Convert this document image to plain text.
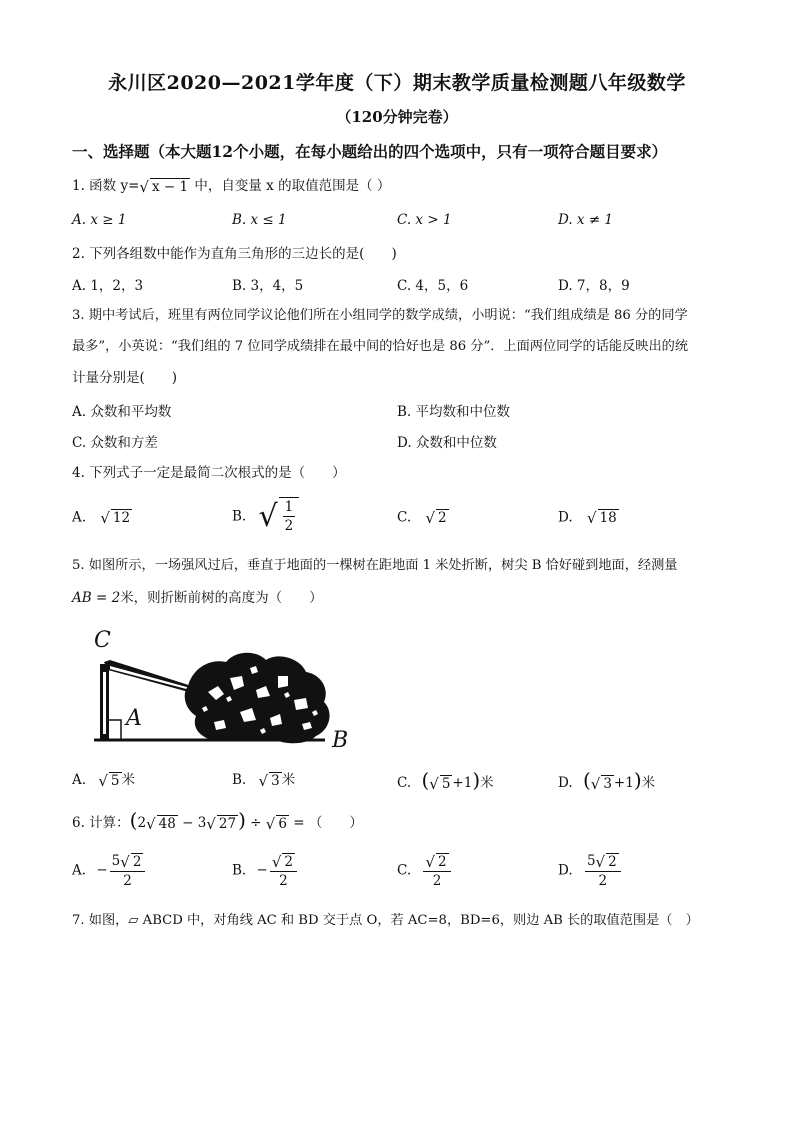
永川区2020—2021学年度（下）期末教学质量检测题八年级数学
（120分钟完卷）
一、选择题（本大题12个小题，在每小题给出的四个选项中，只有一项符合题目要求）
1. 函数 y= √ x − 1 中，自变量 x 的取值范围是（ ）
A. x ≥ 1	B. x ≤ 1	C. x > 1	D. x ≠ 1
2. 下列各组数中能作为直角三角形的三边长的是(　　)
A. 1，2，3	B. 3，4，5	C. 4，5，6	D. 7，8，9
3. 期中考试后，班里有两位同学议论他们所在小组同学的数学成绩，小明说：“我们组成绩是 86 分的同学
最多”，小英说：“我们组的 7 位同学成绩排在最中间的恰好也是 86 分”．上面两位同学的话能反映出的统
计量分别是(　　)
A. 众数和平均数	B. 平均数和中位数
C. 众数和方差	D. 众数和中位数
4. 下列式子一定是最简二次根式的是（　　）
A. √ 12	B. √ $\frac{1}{2}$	C. √ 2	D. √ 18
5. 如图所示，一场强风过后，垂直于地面的一棵树在距地面 1 米处折断，树尖 B 恰好碰到地面，经测量
AB = 2米，则折断前树的高度为（　　）
C
A
B
A. √ 5 米	B. √ 3 米	C. ( √ 5 +1)米	D. ( √ 3 +1)米
6. 计算：(2 √ 48 − 3 √ 27 ) ÷ √ 6 = （　　）
A. − $\frac{5 √ 2}{2}$	B. − $\frac{√ 2}{2}$	C. $\frac{√ 2}{2}$	D. $\frac{5 √ 2}{2}$
7. 如图，▱ ABCD 中，对角线 AC 和 BD 交于点 O，若 AC=8，BD=6，则边 AB 长的取值范围是（　）
